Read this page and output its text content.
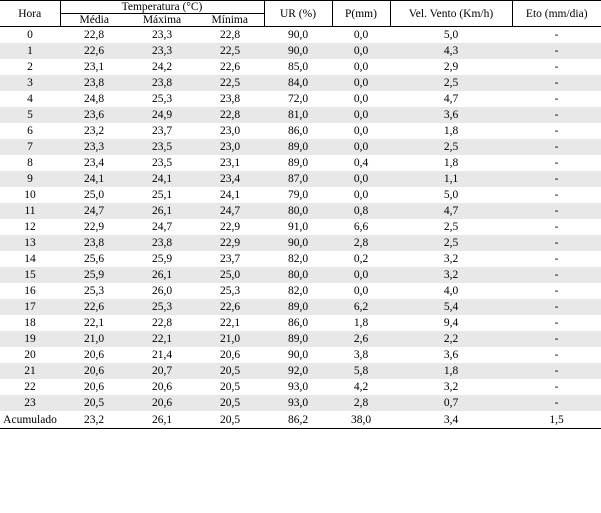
Hora	Temperatura (°C)			UR (%)	P(mm)	Vel. Vento (Km/h)	Eto (mm/dia)
	Média	Máxima	Mínima				
0	22,8	23,3	22,8	90,0	0,0	5,0	-
1	22,6	23,3	22,5	90,0	0,0	4,3	-
2	23,1	24,2	22,6	85,0	0,0	2,9	-
3	23,8	23,8	22,5	84,0	0,0	2,5	-
4	24,8	25,3	23,8	72,0	0,0	4,7	-
5	23,6	24,9	22,8	81,0	0,0	3,6	-
6	23,2	23,7	23,0	86,0	0,0	1,8	-
7	23,3	23,5	23,0	89,0	0,0	2,5	-
8	23,4	23,5	23,1	89,0	0,4	1,8	-
9	24,1	24,1	23,4	87,0	0,0	1,1	-
10	25,0	25,1	24,1	79,0	0,0	5,0	-
11	24,7	26,1	24,7	80,0	0,8	4,7	-
12	22,9	24,7	22,9	91,0	6,6	2,5	-
13	23,8	23,8	22,9	90,0	2,8	2,5	-
14	25,6	25,9	23,7	82,0	0,2	3,2	-
15	25,9	26,1	25,0	80,0	0,0	3,2	-
16	25,3	26,0	25,3	82,0	0,0	4,0	-
17	22,6	25,3	22,6	89,0	6,2	5,4	-
18	22,1	22,8	22,1	86,0	1,8	9,4	-
19	21,0	22,1	21,0	89,0	2,6	2,2	-
20	20,6	21,4	20,6	90,0	3,8	3,6	-
21	20,6	20,7	20,5	92,0	5,8	1,8	-
22	20,6	20,6	20,5	93,0	4,2	3,2	-
23	20,5	20,6	20,5	93,0	2,8	0,7	-
Acumulado	23,2	26,1	20,5	86,2	38,0	3,4	1,5
